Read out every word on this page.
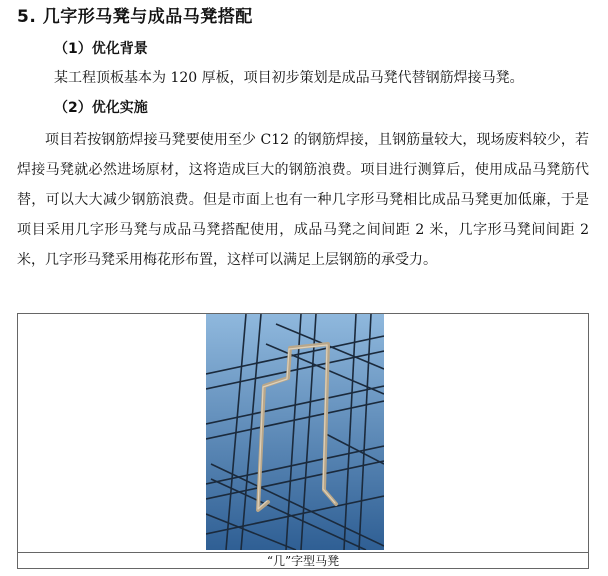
5. 几字形马凳与成品马凳搭配
（1）优化背景
某工程顶板基本为 120 厚板，项目初步策划是成品马凳代替钢筋焊接马凳。
（2）优化实施

项目若按钢筋焊接马凳要使用至少 C12 的钢筋焊接，且钢筋量较大，现场废料较少，若焊接马凳就必然进场原材，这将造成巨大的钢筋浪费。项目进行测算后，使用成品马凳筋代替，可以大大减少钢筋浪费。但是市面上也有一种几字形马凳相比成品马凳更加低廉，于是项目采用几字形马凳与成品马凳搭配使用，成品马凳之间间距 2 米，几字形马凳间间距 2 米，几字形马凳采用梅花形布置，这样可以满足上层钢筋的承受力。

“几”字型马凳
